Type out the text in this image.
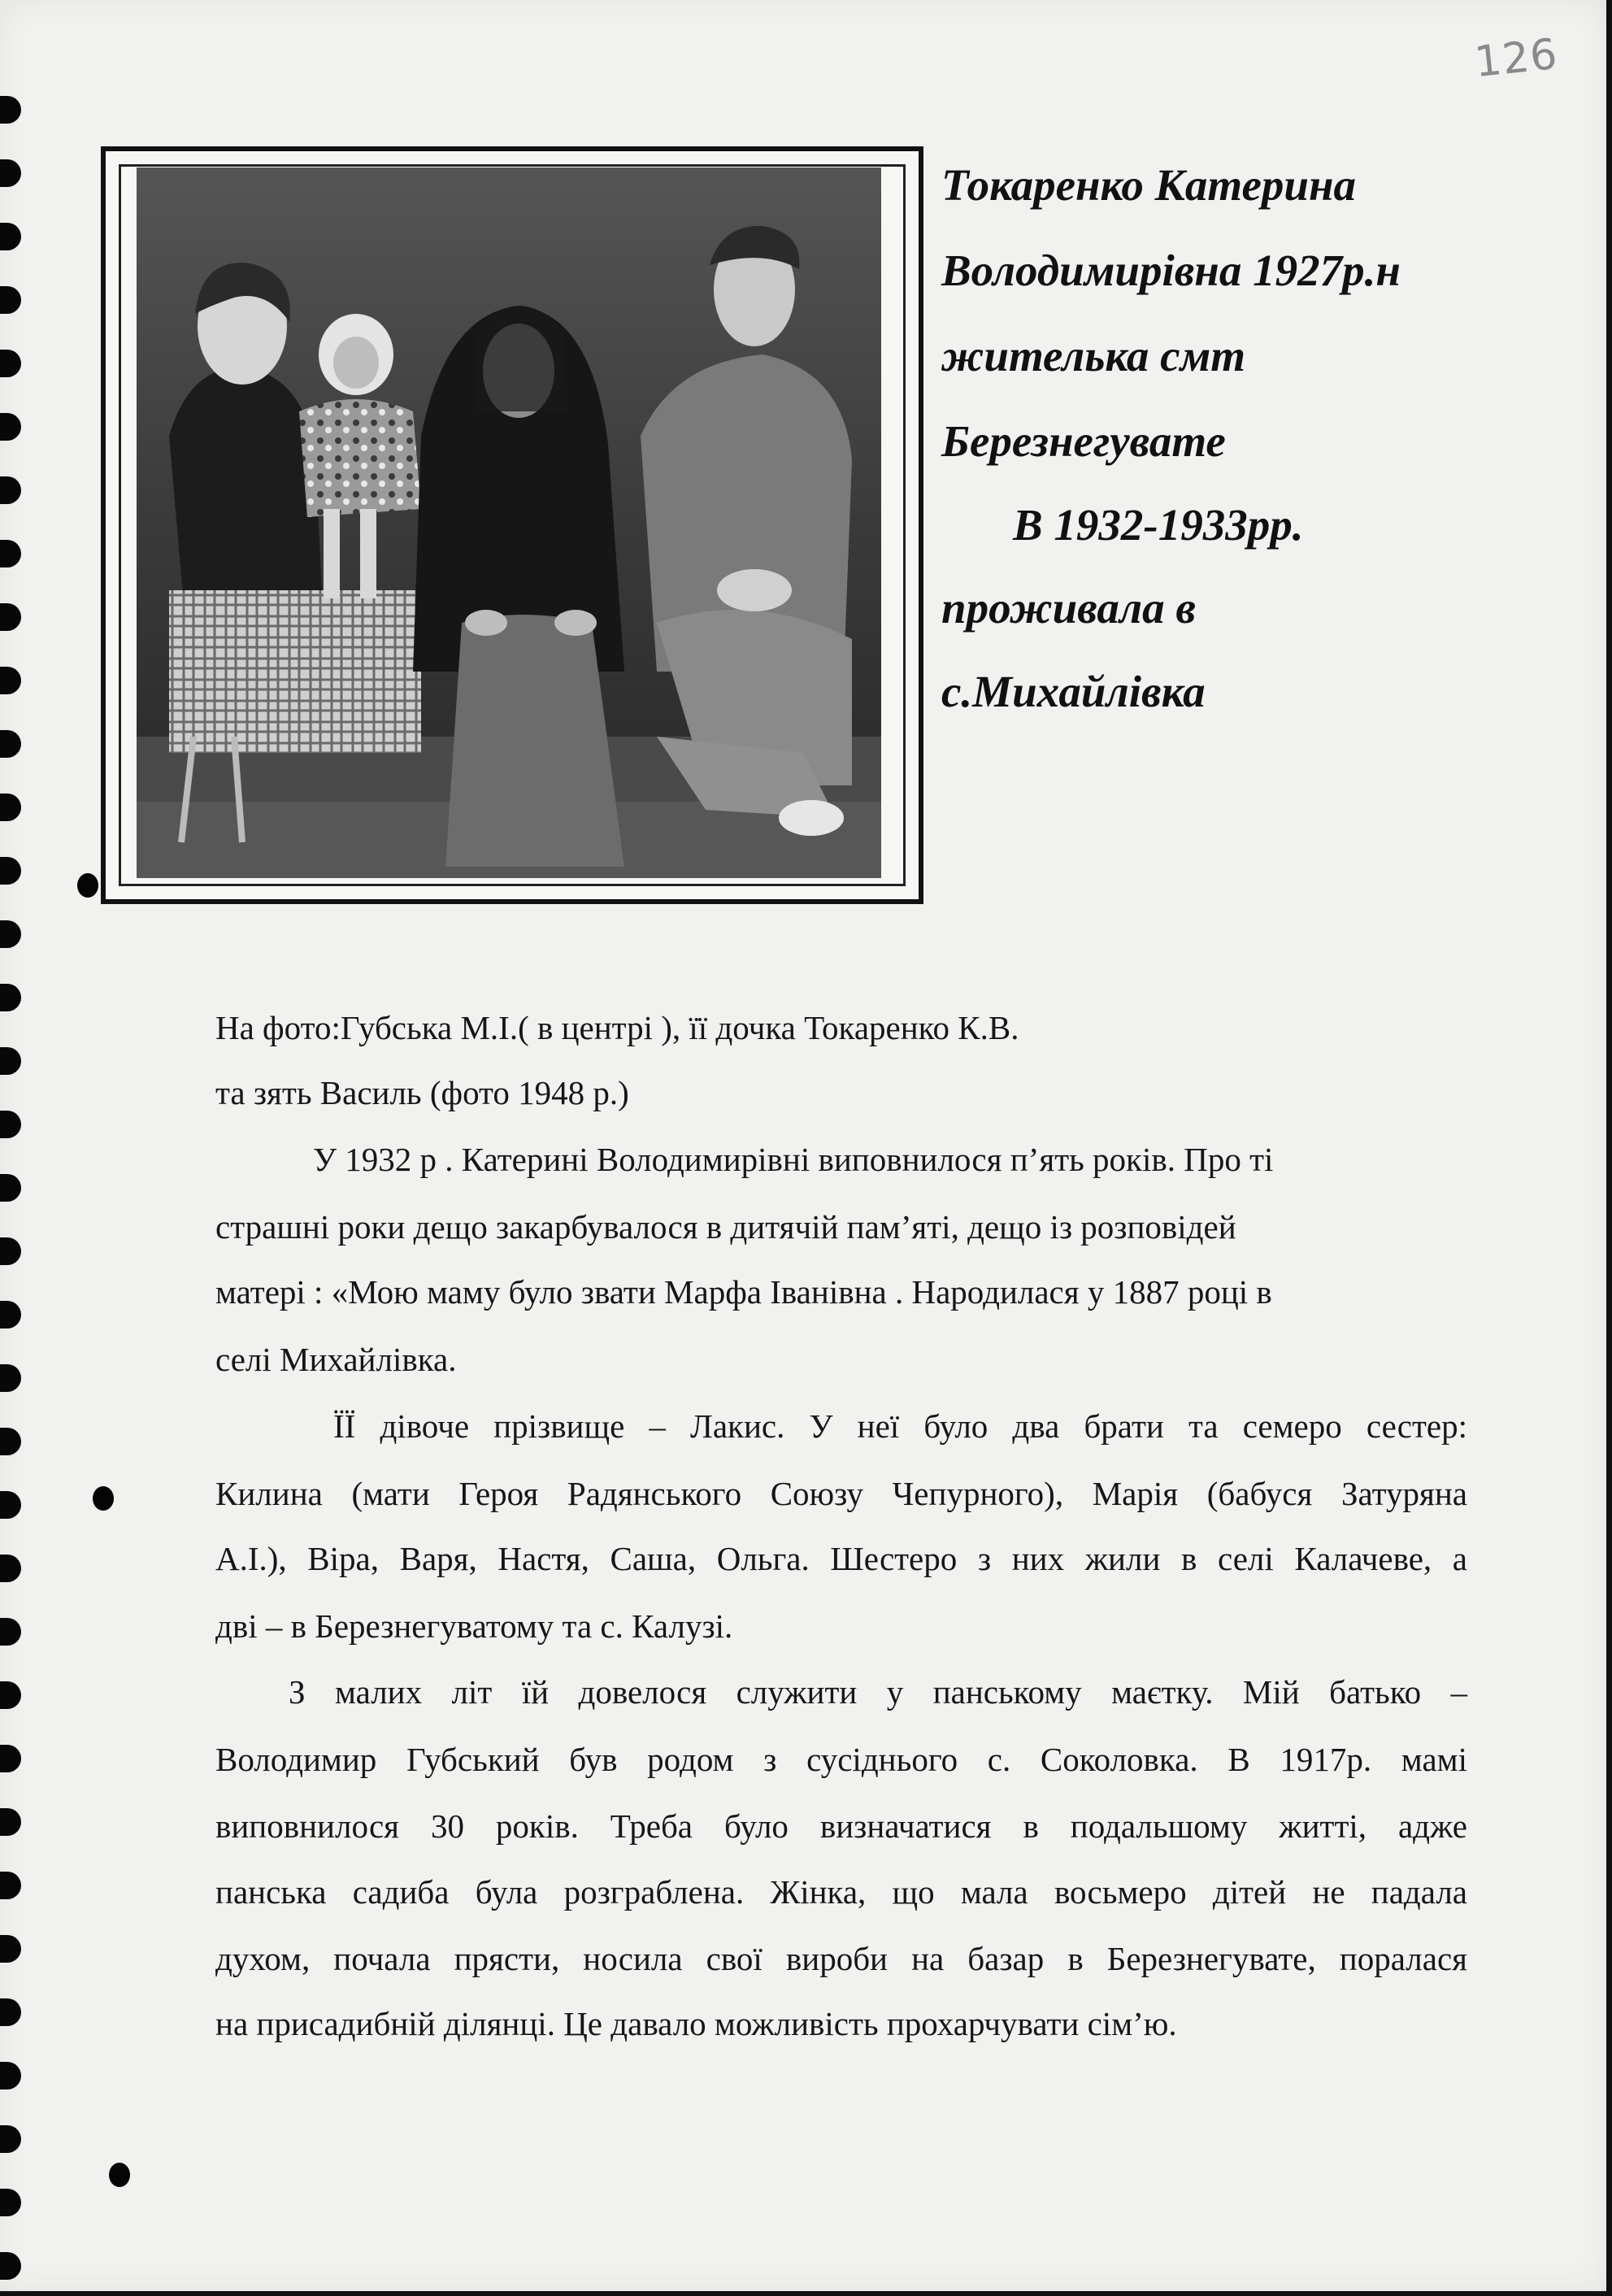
126
Токаренко Катерина
Володимирівна 1927р.н
жителька смт
Березнегувате
В 1932-1933рр.
проживала в
с.Михайлівка
На фото:Губська М.І.( в центрі ), її дочка Токаренко К.В.
та зять Василь (фото 1948 р.)
У 1932 р . Катерині Володимирівні виповнилося п’ять років. Про ті
страшні роки дещо закарбувалося в дитячій пам’яті, дещо із розповідей
матері : «Мою маму було звати Марфа Іванівна . Народилася у 1887 році в
селі Михайлівка.
ЇЇ дівоче прізвище – Лакис. У неї було два брати та семеро сестер:
Килина (мати Героя Радянського Союзу Чепурного), Марія (бабуся Затуряна
А.І.), Віра, Варя, Настя, Саша, Ольга. Шестеро з них жили в селі Калачеве, а
дві – в Березнегуватому та с. Калузі.
З малих літ їй довелося служити у панському маєтку. Мій батько –
Володимир Губський був родом з сусіднього с. Соколовка. В 1917р. мамі
виповнилося 30 років. Треба було визначатися в подальшому житті, адже
панська садиба була розграблена. Жінка, що мала восьмеро дітей не падала
духом, почала прясти, носила свої вироби на базар в Березнегувате, поралася
на присадибній ділянці. Це давало можливість прохарчувати сім’ю.
